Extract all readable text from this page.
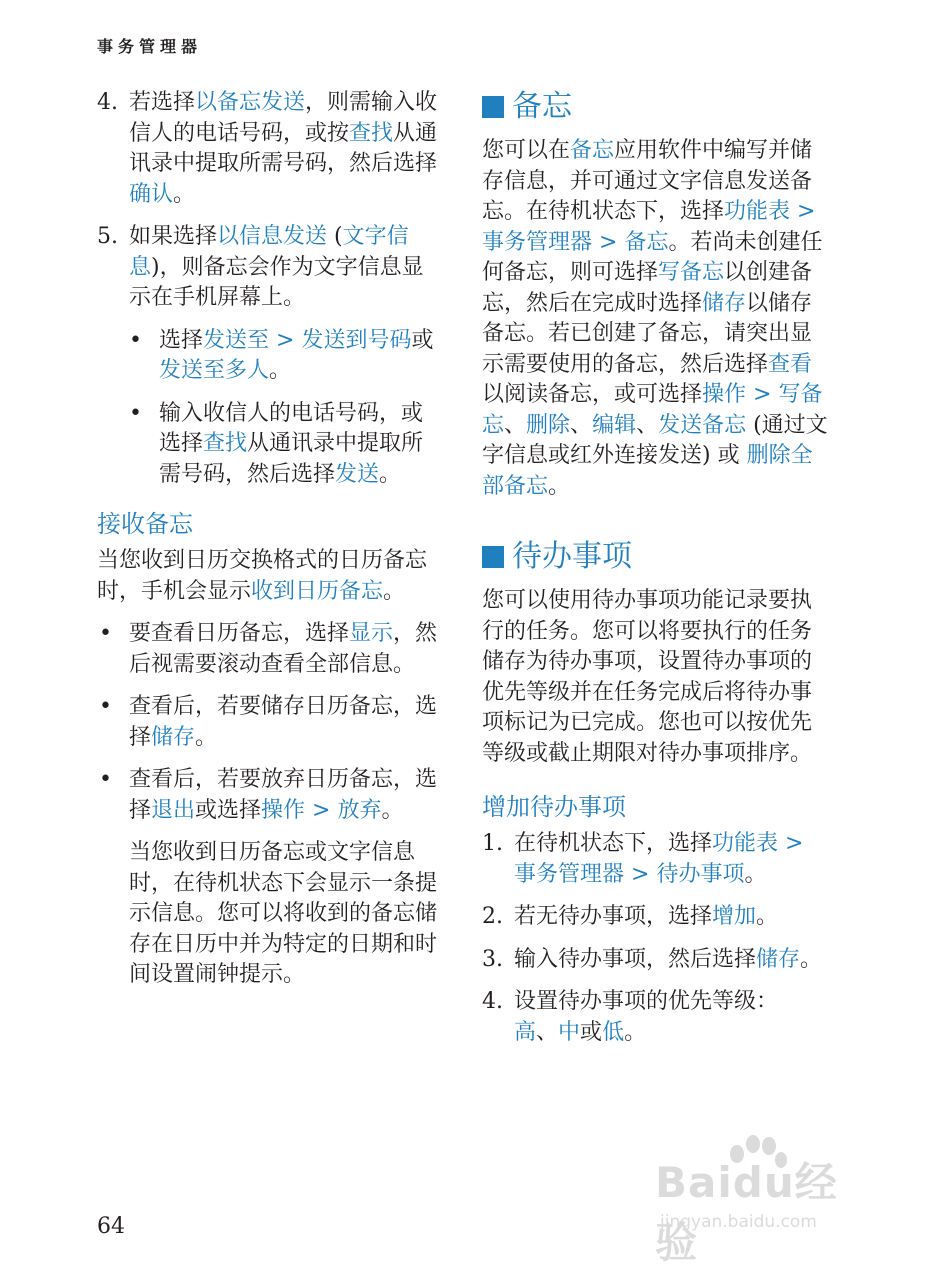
事务管理器
4. 若选择以备忘发送，则需输入收信人的电话号码，或按查找从通讯录中提取所需号码，然后选择确认。
5. 如果选择以信息发送 (文字信息)，则备忘会作为文字信息显示在手机屏幕上。
• 选择发送至 > 发送到号码或发送至多人。
• 输入收信人的电话号码，或选择查找从通讯录中提取所需号码，然后选择发送。
接收备忘

当您收到日历交换格式的日历备忘时，手机会显示收到日历备忘。

• 要查看日历备忘，选择显示，然后视需要滚动查看全部信息。
• 查看后，若要储存日历备忘，选择储存。
• 查看后，若要放弃日历备忘，选择退出或选择操作 > 放弃。

当您收到日历备忘或文字信息时，在待机状态下会显示一条提示信息。您可以将收到的备忘储存在日历中并为特定的日期和时间设置闹钟提示。

备忘

您可以在备忘应用软件中编写并储存信息，并可通过文字信息发送备忘。在待机状态下，选择功能表 > 事务管理器 > 备忘。若尚未创建任何备忘，则可选择写备忘以创建备忘，然后在完成时选择储存以储存备忘。若已创建了备忘，请突出显示需要使用的备忘，然后选择查看以阅读备忘，或可选择操作 > 写备忘、删除、编辑、发送备忘 (通过文字信息或红外连接发送) 或 删除全部备忘。

待办事项

您可以使用待办事项功能记录要执行的任务。您可以将要执行的任务储存为待办事项，设置待办事项的优先等级并在任务完成后将待办事项标记为已完成。您也可以按优先等级或截止期限对待办事项排序。

增加待办事项
1. 在待机状态下，选择功能表 > 事务管理器 > 待办事项。
2. 若无待办事项，选择增加。
3. 输入待办事项，然后选择储存。
4. 设置待办事项的优先等级：
高、中或低。
64
Baidu经验
jingyan.baidu.com
